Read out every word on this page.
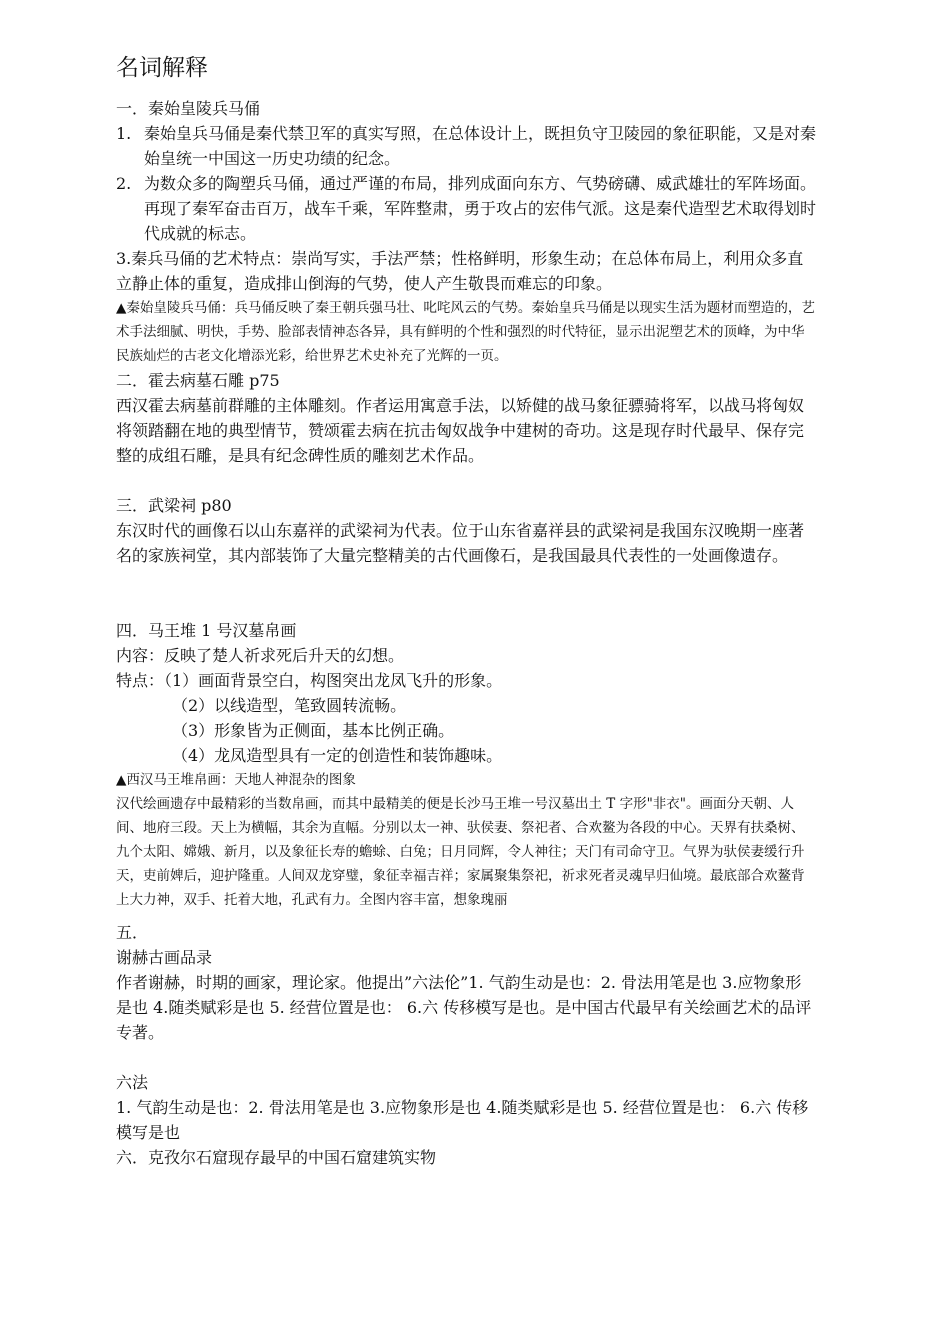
名词解释

一．秦始皇陵兵马俑

1. 秦始皇兵马俑是秦代禁卫军的真实写照，在总体设计上，既担负守卫陵园的象征职能，又是对秦始皇统一中国这一历史功绩的纪念。

2. 为数众多的陶塑兵马俑，通过严谨的布局，排列成面向东方、气势磅礴、威武雄壮的军阵场面。再现了秦军奋击百万，战车千乘，军阵整肃，勇于攻占的宏伟气派。这是秦代造型艺术取得划时代成就的标志。

3.秦兵马俑的艺术特点：崇尚写实，手法严禁；性格鲜明，形象生动；在总体布局上，利用众多直立静止体的重复，造成排山倒海的气势，使人产生敬畏而难忘的印象。

▲秦始皇陵兵马俑：兵马俑反映了秦王朝兵强马壮、叱咤风云的气势。秦始皇兵马俑是以现实生活为题材而塑造的，艺术手法细腻、明快，手势、脸部表情神态各异，具有鲜明的个性和强烈的时代特征，显示出泥塑艺术的顶峰，为中华民族灿烂的古老文化增添光彩，给世界艺术史补充了光辉的一页。

二．霍去病墓石雕 p75

西汉霍去病墓前群雕的主体雕刻。作者运用寓意手法，以矫健的战马象征骠骑将军，以战马将匈奴将领踏翻在地的典型情节，赞颂霍去病在抗击匈奴战争中建树的奇功。这是现存时代最早、保存完整的成组石雕，是具有纪念碑性质的雕刻艺术作品。

三．武梁祠 p80

东汉时代的画像石以山东嘉祥的武梁祠为代表。位于山东省嘉祥县的武梁祠是我国东汉晚期一座著名的家族祠堂，其内部装饰了大量完整精美的古代画像石，是我国最具代表性的一处画像遗存。

四．马王堆 1 号汉墓帛画

内容：反映了楚人祈求死后升天的幻想。

特点：（1）画面背景空白，构图突出龙凤飞升的形象。

（2）以线造型，笔致圆转流畅。

（3）形象皆为正侧面，基本比例正确。

（4）龙凤造型具有一定的创造性和装饰趣味。

▲西汉马王堆帛画：天地人神混杂的图象

汉代绘画遗存中最精彩的当数帛画，而其中最精美的便是长沙马王堆一号汉墓出土 T 字形"非衣"。画面分天朝、人间、地府三段。天上为横幅，其余为直幅。分别以太一神、驮侯妻、祭祀者、合欢鳌为各段的中心。天界有扶桑树、九个太阳、嫦娥、新月，以及象征长寿的蟾蜍、白兔；日月同辉，令人神往；天门有司命守卫。气界为驮侯妻缓行升天，吏前婢后，迎护隆重。人间双龙穿璧，象征幸福吉祥；家属聚集祭祀，祈求死者灵魂早归仙境。最底部合欢鳌背上大力神，双手、托着大地，孔武有力。全图内容丰富，想象瑰丽

五．

谢赫古画品录

作者谢赫，时期的画家，理论家。他提出”六法伦”1. 气韵生动是也：2. 骨法用笔是也 3.应物象形是也 4.随类赋彩是也 5. 经营位置是也： 6.六 传移模写是也。是中国古代最早有关绘画艺术的品评专著。

六法

1. 气韵生动是也：2. 骨法用笔是也 3.应物象形是也 4.随类赋彩是也 5. 经营位置是也： 6.六 传移模写是也

六．克孜尔石窟现存最早的中国石窟建筑实物
